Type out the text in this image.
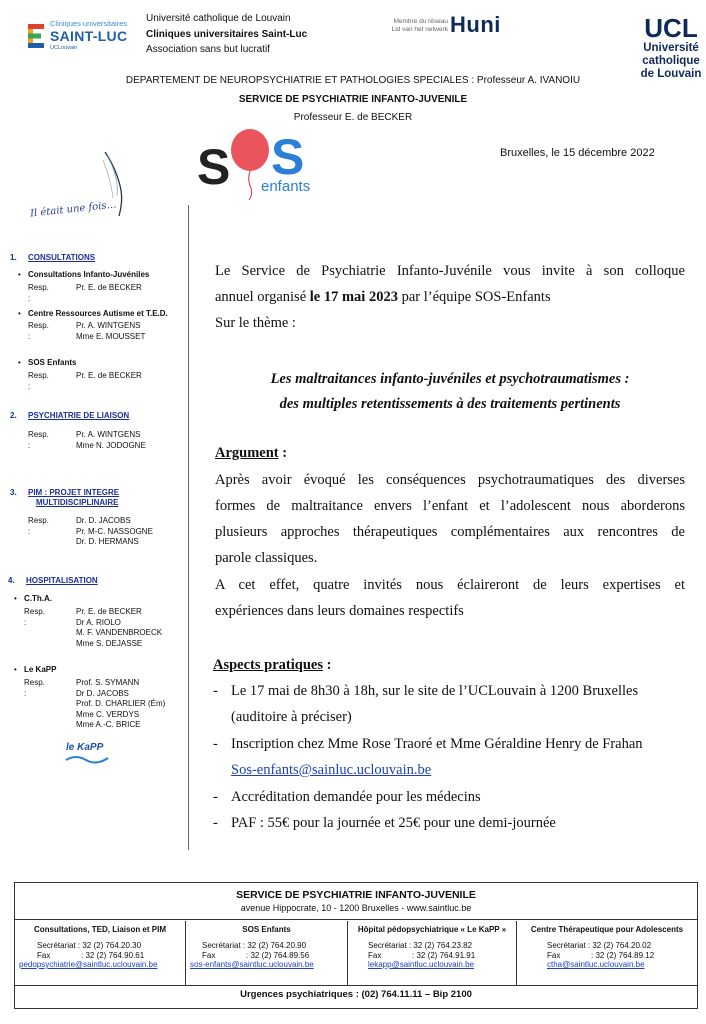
Cliniques universitaires
SAINT-LUC
UCLouvain
Université catholique de Louvain
Cliniques universitaires Saint-Luc
Association sans but lucratif
Membre du réseau
Lid van het netwerk Huni	UCL
Université
catholique
de Louvain
DEPARTEMENT DE NEUROPSYCHIATRIE ET PATHOLOGIES SPECIALES : Professeur A. IVANOIU
SERVICE DE PSYCHIATRIE INFANTO-JUVENILE
Professeur E. de BECKER
S S
enfants
Bruxelles, le 15 décembre 2022
Il était une fois…
1. CONSULTATIONS
• Consultations Infanto-Juvéniles
Resp. :
Pr. E. de BECKER
• Centre Ressources Autisme et T.E.D.
Resp. :
Pr. A. WINTGENS
Mme E. MOUSSET
• SOS Enfants
Resp. :
Pr. E. de BECKER
2. PSYCHIATRIE DE LIAISON
Resp. :
Pr. A. WINTGENS
Mme N. JODOGNE
3. PIM : PROJET INTEGRE
MULTIDISCIPLINAIRE
Resp. :
Dr. D. JACOBS
Pr. M-C. NASSOGNE
Dr. D. HERMANS
4. HOSPITALISATION
• C.Th.A.
Resp. :
Pr. E. de BECKER
Dr A. RIOLO
M. F. VANDENBROECK
Mme S. DEJASSE
• Le KaPP
Resp. :
Prof. S. SYMANN
Dr D. JACOBS
Prof. D. CHARLIER (Ém)
Mme C. VERDYS
Mme A.-C. BRICE
le KaPP
Le Service de Psychiatrie Infanto-Juvénile vous invite à son colloque
annuel organisé le 17 mai 2023 par l’équipe SOS-Enfants
Sur le thème :
Les maltraitances infanto-juvéniles et psychotraumatismes :
des multiples retentissements à des traitements pertinents
Argument :
Après avoir évoqué les conséquences psychotraumatiques des diverses
formes de maltraitance envers l’enfant et l’adolescent nous aborderons
plusieurs approches thérapeutiques complémentaires aux rencontres de
parole classiques.
A cet effet, quatre invités nous éclaireront de leurs expertises et
expériences dans leurs domaines respectifs
Aspects pratiques :
- Le 17 mai de 8h30 à 18h, sur le site de l’UCLouvain à 1200 Bruxelles
(auditoire à préciser)
- Inscription chez Mme Rose Traoré et Mme Géraldine Henry de Frahan
Sos-enfants@sainluc.uclouvain.be
- Accréditation demandée pour les médecins
- PAF : 55€ pour la journée et 25€ pour une demi-journée
SERVICE DE PSYCHIATRIE INFANTO-JUVENILE
avenue Hippocrate, 10 - 1200 Bruxelles - www.saintluc.be
Consultations, TED, Liaison et PIM
Secrétariat : 32 (2) 764.20.30
Fax	: 32 (2) 764.90.61
pedopsychiatrie@saintluc.uclouvain.be
SOS Enfants
Secrétariat : 32 (2) 764.20.90
Fax	: 32 (2) 764.89.56
sos-enfants@saintluc.uclouvain.be
Hôpital pédopsychiatrique « Le KaPP »
Secrétariat : 32 (2) 764.23.82
Fax	: 32 (2) 764.91.91
lekapp@saintluc.uclouvain.be
Centre Thérapeutique pour Adolescents
Secrétariat : 32 (2) 764.20.02
Fax	: 32 (2) 764.89.12
ctha@saintluc.uclouvain.be
Urgences psychiatriques : (02) 764.11.11 – Bip 2100
